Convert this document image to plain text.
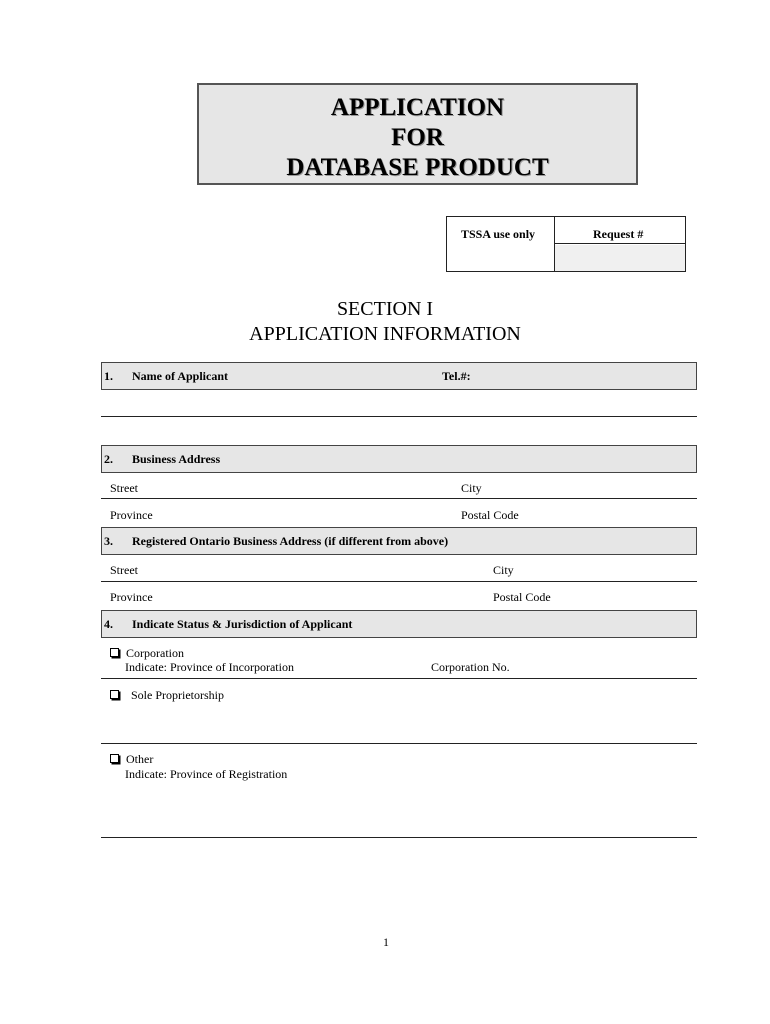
APPLICATION
FOR
DATABASE PRODUCT
TSSA use only	Request #
SECTION I
APPLICATION INFORMATION
1. Name of Applicant	Tel.#:
2. Business Address
Street	City
Province	Postal Code
3. Registered Ontario Business Address (if different from above)
Street	City
Province	Postal Code
4. Indicate Status & Jurisdiction of Applicant
Corporation
Indicate: Province of Incorporation	Corporation No.
Sole Proprietorship
Other
Indicate: Province of Registration
1
